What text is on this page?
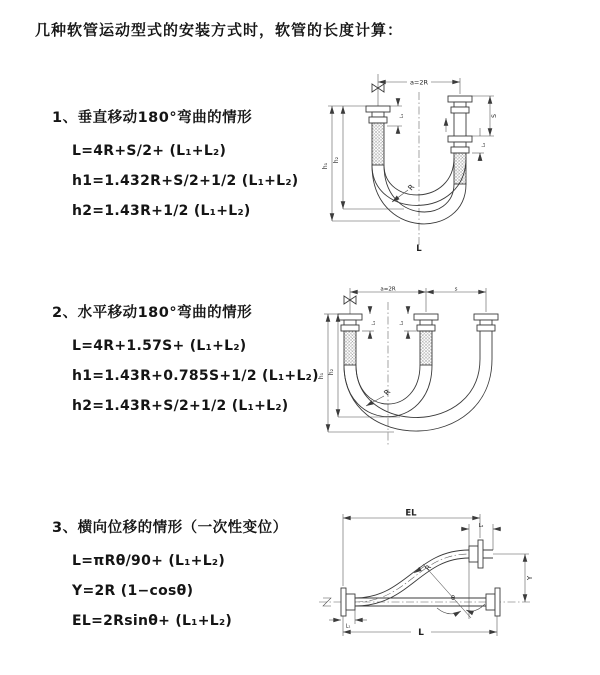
几种软管运动型式的安装方式时，软管的长度计算：
1、垂直移动180°弯曲的情形
L=4R+S/2+ (L₁+L₂)
h1=1.432R+S/2+1/2 (L₁+L₂)
h2=1.43R+1/2 (L₁+L₂)
a=2R
S
L₂
L₁
h₁
h₂
R
L
2、水平移动180°弯曲的情形
L=4R+1.57S+ (L₁+L₂)
h1=1.43R+0.785S+1/2 (L₁+L₂)
h2=1.43R+S/2+1/2 (L₁+L₂)
a=2R	s
L₁	L₂
h₁
h₂
R
3、横向位移的情形（一次性变位）
L=πRθ/90+ (L₁+L₂)
Y=2R (1−cosθ)
EL=2Rsinθ+ (L₁+L₂)
EL
L₂
Y
L
L₁
R
θ
